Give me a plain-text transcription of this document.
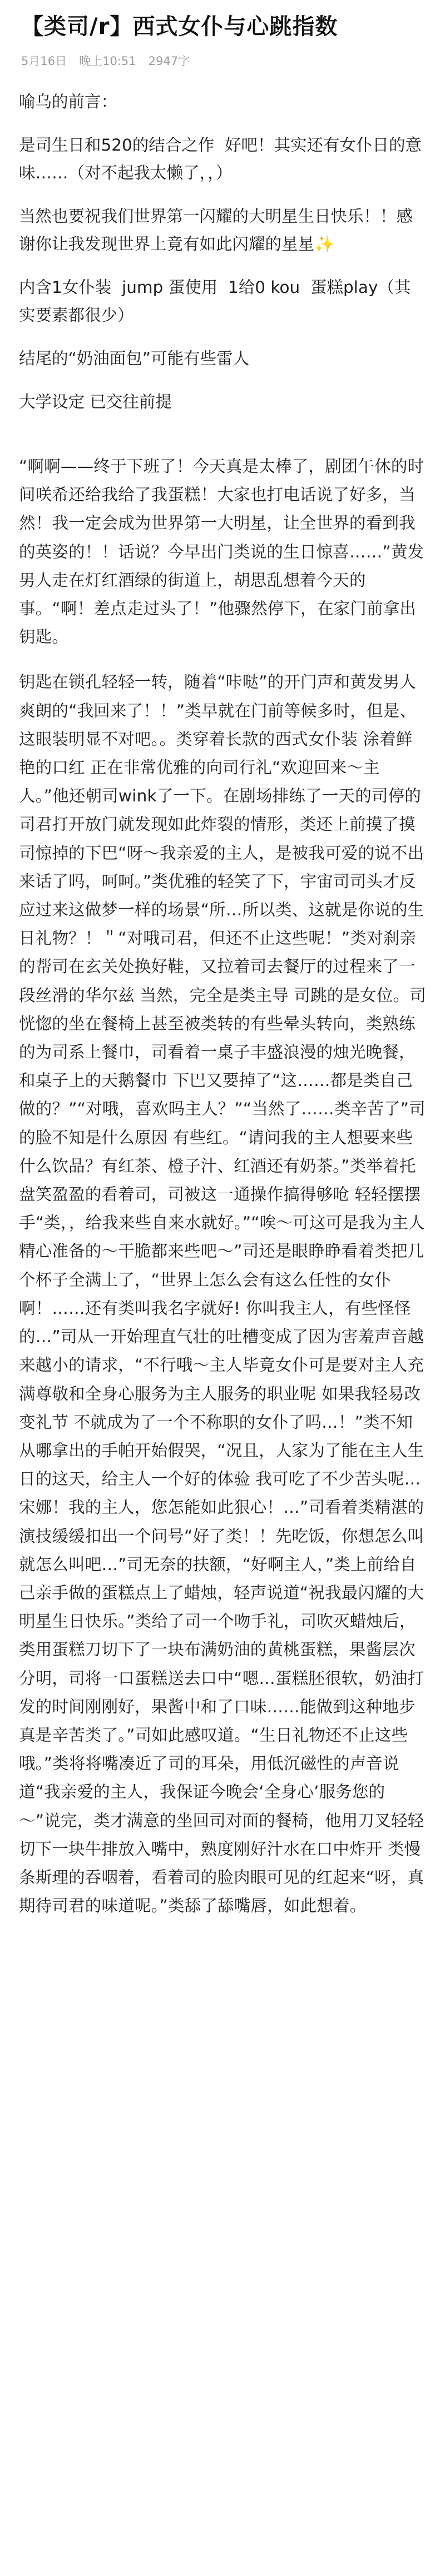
【类司/r】西式女仆与心跳指数
5月16日 晚上10:51 2947字
喻乌的前言：
是司生日和520的结合之作  好吧！其实还有女仆日的意味……（对不起我太懒了，，）
当然也要祝我们世界第一闪耀的大明星生日快乐！！感谢你让我发现世界上竟有如此闪耀的星星✨
内含1女仆装  jump 蛋使用  1给0 kou  蛋糕play（其实要素都很少）
结尾的“奶油面包”可能有些雷人
大学设定 已交往前提
“啊啊——终于下班了！今天真是太棒了，剧团午休的时间咲希还给我给了我蛋糕！大家也打电话说了好多，当然！我一定会成为世界第一大明星，让全世界的看到我的英姿的！！话说？今早出门类说的生日惊喜……”黄发男人走在灯红酒绿的街道上，胡思乱想着今天的事。“啊！差点走过头了！”他骤然停下，在家门前拿出钥匙。
钥匙在锁孔轻轻一转，随着“咔哒”的开门声和黄发男人爽朗的“我回来了！！”类早就在门前等候多时，但是、这眼装明显不对吧。。类穿着长款的西式女仆装 涂着鲜艳的口红 正在非常优雅的向司行礼“欢迎回来～主人。”他还朝司wink了一下。在剧场排练了一天的司停的司君打开放门就发现如此炸裂的情形，类还上前摸了摸司惊掉的下巴“呀～我亲爱的主人，是被我可爱的说不出来话了吗，呵呵。”类优雅的轻笑了下，宇宙司司头才反应过来这做梦一样的场景“所…所以类、这就是你说的生日礼物？！＂“对哦司君，但还不止这些呢！”类对刹亲的帮司在玄关处换好鞋，又拉着司去餐厅的过程来了一段丝滑的华尔兹 当然，完全是类主导 司跳的是女位。司恍惚的坐在餐椅上甚至被类转的有些晕头转向，类熟练的为司系上餐巾，司看着一桌子丰盛浪漫的烛光晚餐，和桌子上的天鹅餐巾 下巴又要掉了“这……都是类自己做的？”“对哦，喜欢吗主人？”“当然了……类辛苦了”司的脸不知是什么原因 有些红。“请问我的主人想要来些什么饮品？有红茶、橙子汁、红酒还有奶茶。”类举着托盘笑盈盈的看着司，司被这一通操作搞得够呛 轻轻摆摆手“类，，给我来些自来水就好。”“唉～可这可是我为主人精心准备的～干脆都来些吧～”司还是眼睁睁看着类把几个杯子全满上了，“世界上怎么会有这么任性的女仆啊！……还有类叫我名字就好! 你叫我主人，有些怪怪的…”司从一开始理直气壮的吐槽变成了因为害羞声音越来越小的请求，“不行哦～主人毕竟女仆可是要对主人充满尊敬和全身心服务为主人服务的职业呢 如果我轻易改变礼节 不就成为了一个不称职的女仆了吗…！”类不知从哪拿出的手帕开始假哭，“况且，人家为了能在主人生日的这天，给主人一个好的体验 我可吃了不少苦头呢…宋娜！我的主人，您怎能如此狠心！…”司看着类精湛的演技缓缓扣出一个问号“好了类！！先吃饭，你想怎么叫就怎么叫吧…”司无奈的扶额，“好啊主人，”类上前给自己亲手做的蛋糕点上了蜡烛，轻声说道“祝我最闪耀的大明星生日快乐。”类给了司一个吻手礼，司吹灭蜡烛后，类用蛋糕刀切下了一块布满奶油的黄桃蛋糕，果酱层次分明，司将一口蛋糕送去口中“嗯…蛋糕胚很软，奶油打发的时间刚刚好，果酱中和了口味……能做到这种地步真是辛苦类了。”司如此感叹道。“生日礼物还不止这些哦。”类将将嘴凑近了司的耳朵，用低沉磁性的声音说道“我亲爱的主人，我保证今晚会‘全身心’服务您的～”说完，类才满意的坐回司对面的餐椅，他用刀叉轻轻切下一块牛排放入嘴中，熟度刚好汁水在口中炸开 类慢条斯理的吞咽着，看着司的脸肉眼可见的红起来“呀，真期待司君的味道呢。”类舔了舔嘴唇，如此想着。
